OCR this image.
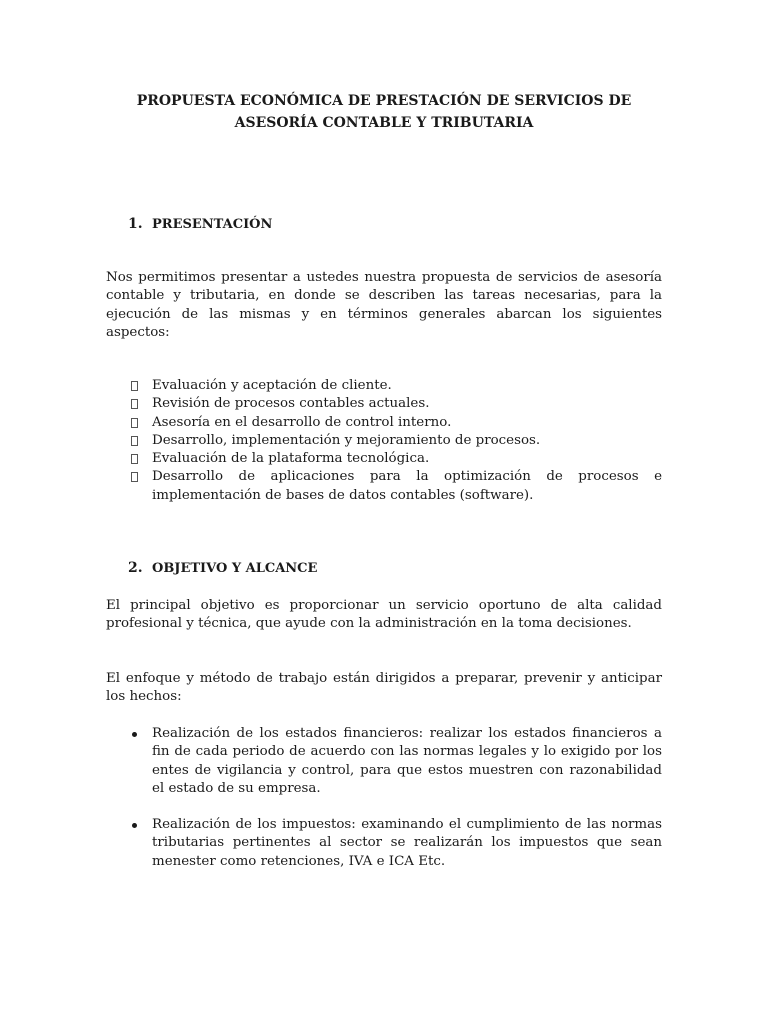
PROPUESTA ECONÓMICA DE PRESTACIÓN DE SERVICIOS DE
ASESORÍA CONTABLE Y TRIBUTARIA
1. PRESENTACIÓN

Nos permitimos presentar a ustedes nuestra propuesta de servicios de asesoría contable y tributaria, en donde se describen las tareas necesarias, para la ejecución de las mismas y en términos generales abarcan los siguientes aspectos:

Evaluación y aceptación de cliente.
Revisión de procesos contables actuales.
Asesoría en el desarrollo de control interno.
Desarrollo, implementación y mejoramiento de procesos.
Evaluación de la plataforma tecnológica.
Desarrollo de aplicaciones para la optimización de procesos e implementación de bases de datos contables (software).
2. OBJETIVO Y ALCANCE

El principal objetivo es proporcionar un servicio oportuno de alta calidad profesional y técnica, que ayude con la administración en la toma decisiones.

El enfoque y método de trabajo están dirigidos a preparar, prevenir y anticipar los hechos:

Realización de los estados financieros: realizar los estados financieros a fin de cada periodo de acuerdo con las normas legales y lo exigido por los entes de vigilancia y control, para que estos muestren con razonabilidad el estado de su empresa.
Realización de los impuestos: examinando el cumplimiento de las normas tributarias pertinentes al sector se realizarán los impuestos que sean menester como retenciones, IVA e ICA Etc.
